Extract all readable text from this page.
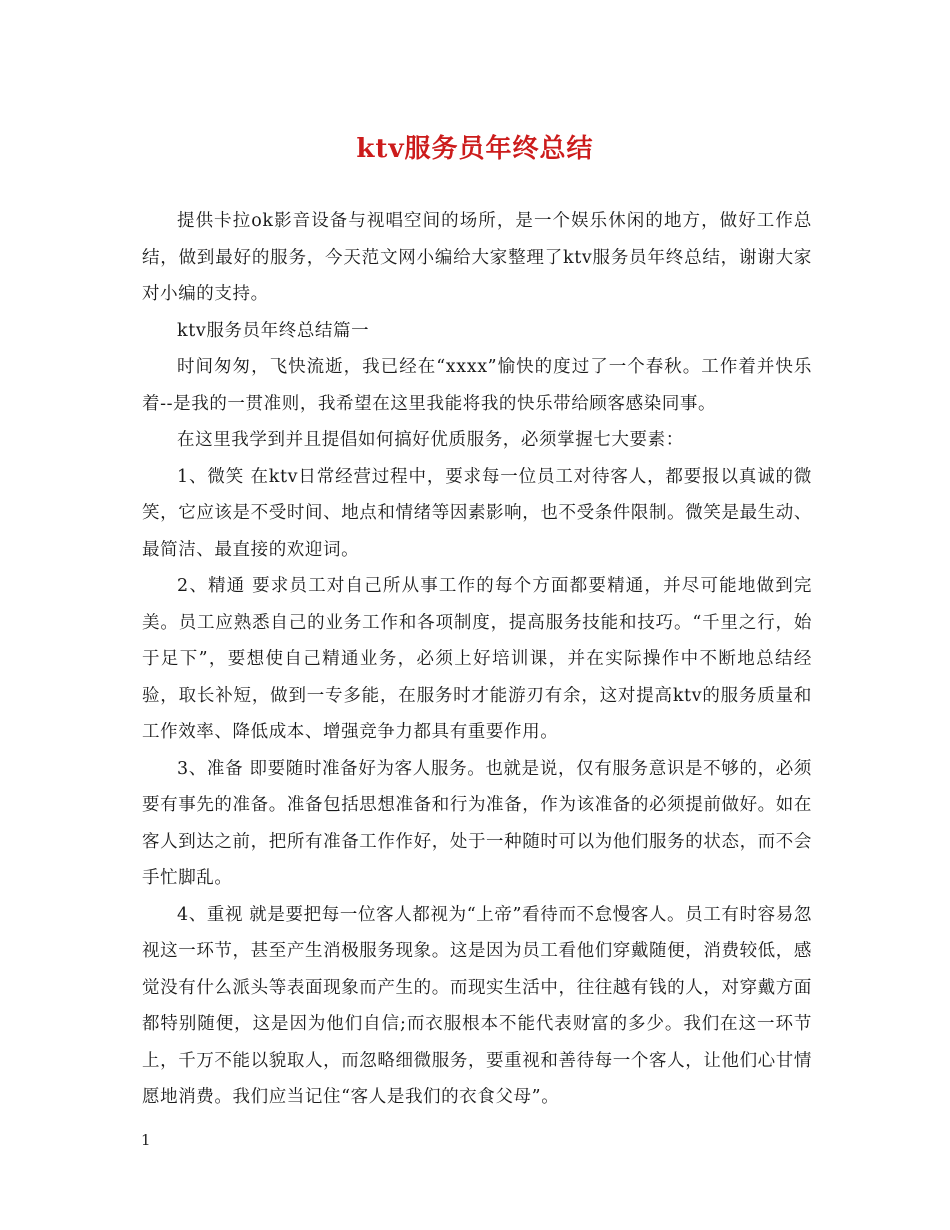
ktv服务员年终总结

提供卡拉ok影音设备与视唱空间的场所，是一个娱乐休闲的地方，做好工作总结，做到最好的服务，今天范文网小编给大家整理了ktv服务员年终总结，谢谢大家对小编的支持。

ktv服务员年终总结篇一

时间匆匆，飞快流逝，我已经在“xxxx”愉快的度过了一个春秋。工作着并快乐着--是我的一贯准则，我希望在这里我能将我的快乐带给顾客感染同事。

在这里我学到并且提倡如何搞好优质服务，必须掌握七大要素：

1、微笑 在ktv日常经营过程中，要求每一位员工对待客人，都要报以真诚的微笑，它应该是不受时间、地点和情绪等因素影响，也不受条件限制。微笑是最生动、最简洁、最直接的欢迎词。

2、精通 要求员工对自己所从事工作的每个方面都要精通，并尽可能地做到完美。员工应熟悉自己的业务工作和各项制度，提高服务技能和技巧。“千里之行，始于足下”，要想使自己精通业务，必须上好培训课，并在实际操作中不断地总结经验，取长补短，做到一专多能，在服务时才能游刃有余，这对提高ktv的服务质量和工作效率、降低成本、增强竞争力都具有重要作用。

3、准备 即要随时准备好为客人服务。也就是说，仅有服务意识是不够的，必须要有事先的准备。准备包括思想准备和行为准备，作为该准备的必须提前做好。如在客人到达之前，把所有准备工作作好，处于一种随时可以为他们服务的状态，而不会手忙脚乱。

4、重视 就是要把每一位客人都视为“上帝”看待而不怠慢客人。员工有时容易忽视这一环节，甚至产生消极服务现象。这是因为员工看他们穿戴随便，消费较低，感觉没有什么派头等表面现象而产生的。而现实生活中，往往越有钱的人，对穿戴方面都特别随便，这是因为他们自信;而衣服根本不能代表财富的多少。我们在这一环节上，千万不能以貌取人，而忽略细微服务，要重视和善待每一个客人，让他们心甘情愿地消费。我们应当记住“客人是我们的衣食父母”。

1
